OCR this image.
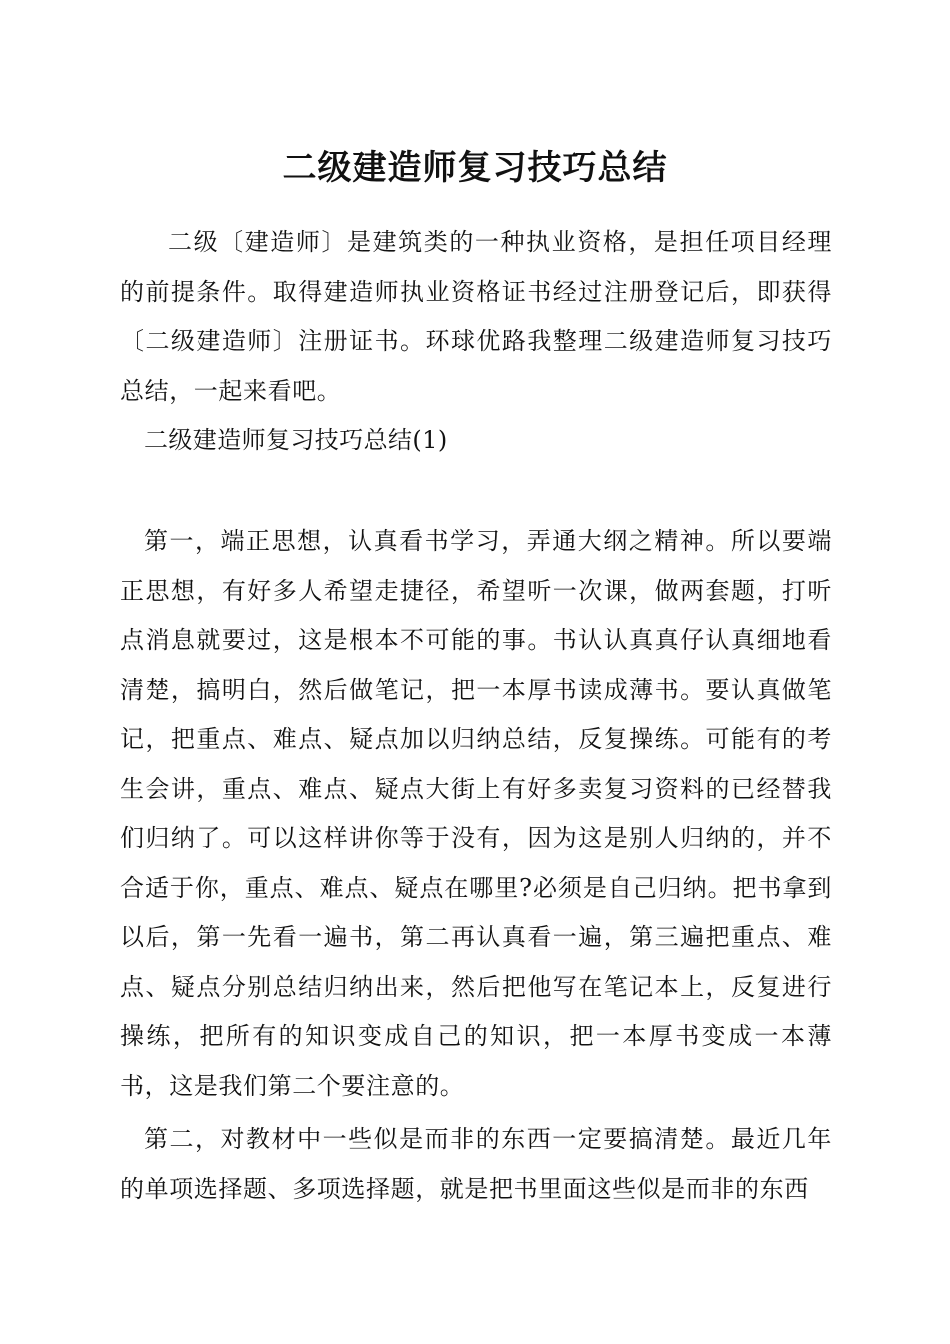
二级建造师复习技巧总结

二级〔建造师〕是建筑类的一种执业资格，是担任项目经理的前提条件。取得建造师执业资格证书经过注册登记后，即获得〔二级建造师〕注册证书。环球优路我整理二级建造师复习技巧总结，一起来看吧。

二级建造师复习技巧总结(1)

第一，端正思想，认真看书学习，弄通大纲之精神。所以要端正思想，有好多人希望走捷径，希望听一次课，做两套题，打听点消息就要过，这是根本不可能的事。书认认真真仔认真细地看清楚，搞明白，然后做笔记，把一本厚书读成薄书。要认真做笔记，把重点、难点、疑点加以归纳总结，反复操练。可能有的考生会讲，重点、难点、疑点大街上有好多卖复习资料的已经替我们归纳了。可以这样讲你等于没有，因为这是别人归纳的，并不合适于你，重点、难点、疑点在哪里?必须是自己归纳。把书拿到以后，第一先看一遍书，第二再认真看一遍，第三遍把重点、难点、疑点分别总结归纳出来，然后把他写在笔记本上，反复进行操练，把所有的知识变成自己的知识，把一本厚书变成一本薄书，这是我们第二个要注意的。

第二，对教材中一些似是而非的东西一定要搞清楚。最近几年的单项选择题、多项选择题，就是把书里面这些似是而非的东西
